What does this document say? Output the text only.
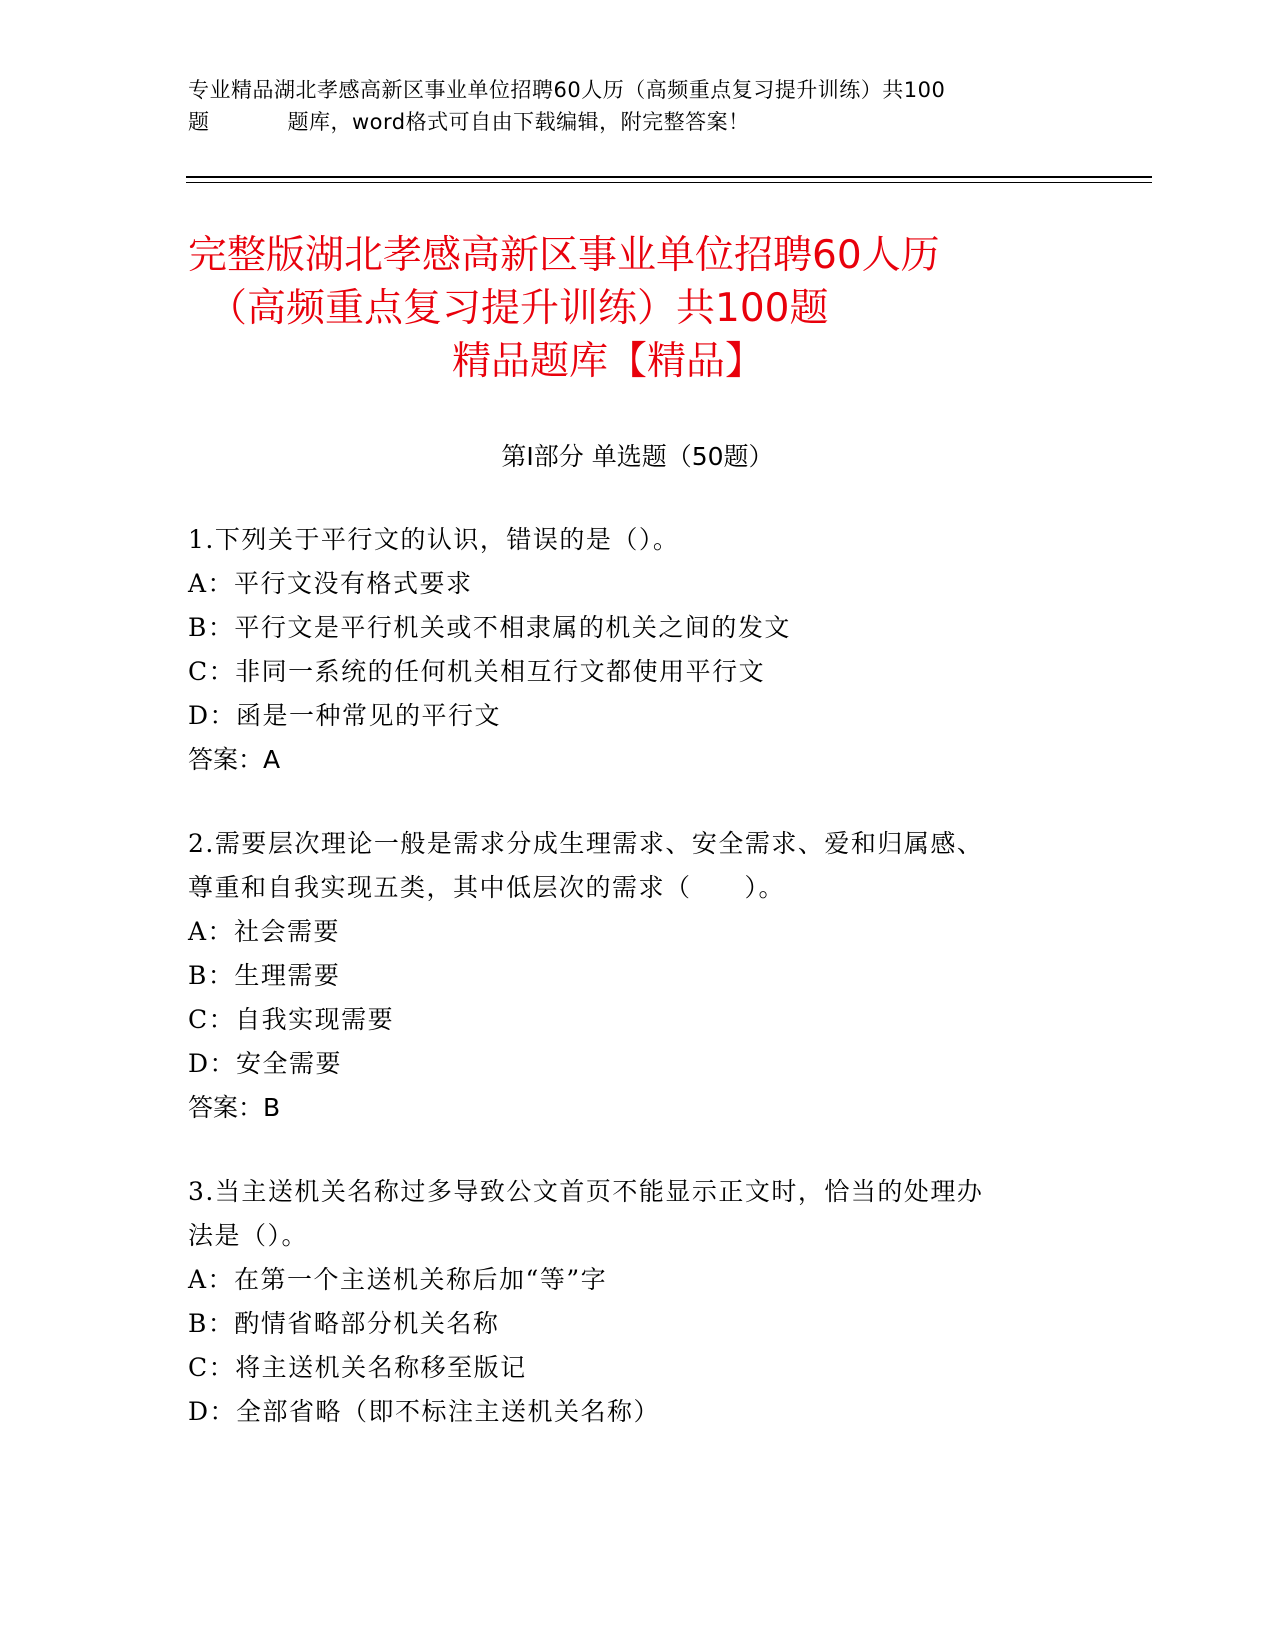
专业精品湖北孝感高新区事业单位招聘60人历（高频重点复习提升训练）共100
题	题库，word格式可自由下载编辑，附完整答案！
完整版湖北孝感高新区事业单位招聘60人历
（高频重点复习提升训练）共100题
精品题库【精品】
第Ⅰ部分 单选题（50题）
1.下列关于平行文的认识，错误的是（）。
A：平行文没有格式要求
B：平行文是平行机关或不相隶属的机关之间的发文
C：非同一系统的任何机关相互行文都使用平行文
D：函是一种常见的平行文
答案：A
2.需要层次理论一般是需求分成生理需求、安全需求、爱和归属感、
尊重和自我实现五类，其中低层次的需求（　　）。
A：社会需要
B：生理需要
C：自我实现需要
D：安全需要
答案：B
3.当主送机关名称过多导致公文首页不能显示正文时，恰当的处理办
法是（）。
A：在第一个主送机关称后加“等”字
B：酌情省略部分机关名称
C：将主送机关名称移至版记
D：全部省略（即不标注主送机关名称）
